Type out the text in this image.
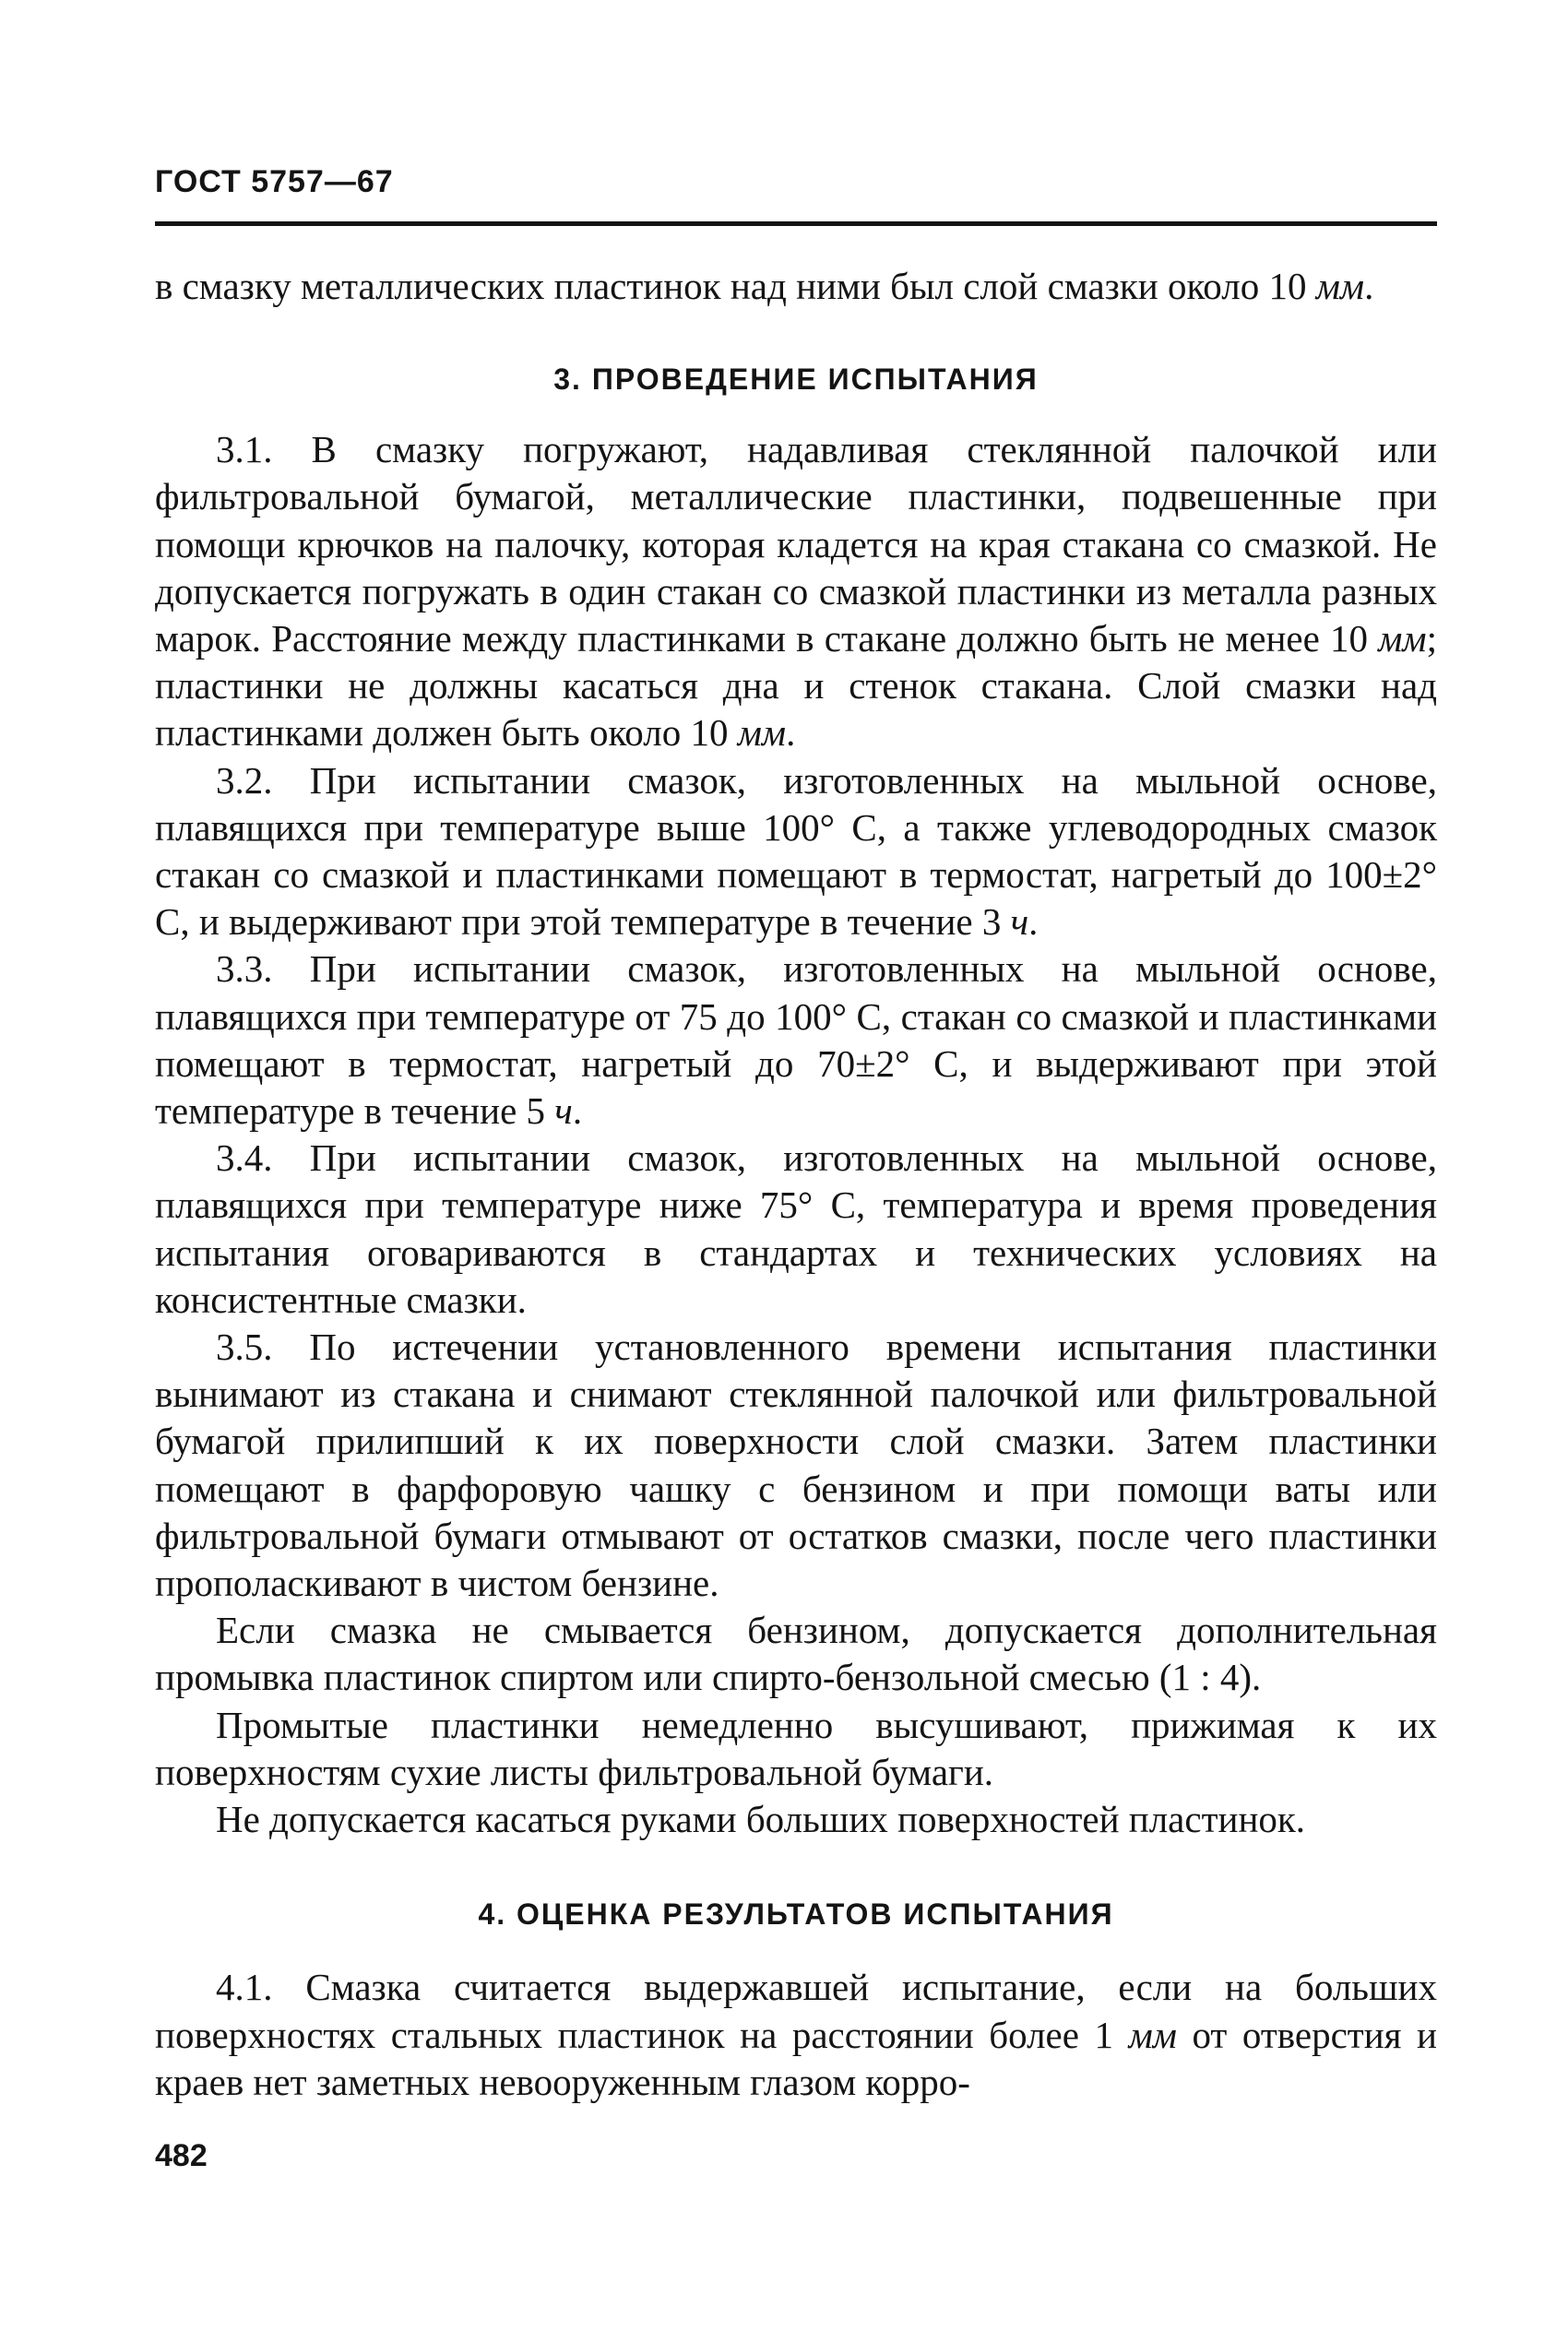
ГОСТ 5757—67

в смазку металлических пластинок над ними был слой смазки около 10 мм.

3. ПРОВЕДЕНИЕ ИСПЫТАНИЯ

3.1. В смазку погружают, надавливая стеклянной палочкой или фильтровальной бумагой, металлические пластинки, подвешенные при помощи крючков на палочку, которая кладется на края стакана со смазкой. Не допускается погружать в один стакан со смазкой пластинки из металла разных марок. Расстояние между пластинками в стакане должно быть не менее 10 мм; пластинки не должны касаться дна и стенок стакана. Слой смазки над пластинками должен быть около 10 мм.

3.2. При испытании смазок, изготовленных на мыльной основе, плавящихся при температуре выше 100° С, а также углеводородных смазок стакан со смазкой и пластинками помещают в термостат, нагретый до 100±2° С, и выдерживают при этой температуре в течение 3 ч.

3.3. При испытании смазок, изготовленных на мыльной основе, плавящихся при температуре от 75 до 100° С, стакан со смазкой и пластинками помещают в термостат, нагретый до 70±2° С, и выдерживают при этой температуре в течение 5 ч.

3.4. При испытании смазок, изготовленных на мыльной основе, плавящихся при температуре ниже 75° С, температура и время проведения испытания оговариваются в стандартах и технических условиях на консистентные смазки.

3.5. По истечении установленного времени испытания пластинки вынимают из стакана и снимают стеклянной палочкой или фильтровальной бумагой прилипший к их поверхности слой смазки. Затем пластинки помещают в фарфоровую чашку с бензином и при помощи ваты или фильтровальной бумаги отмывают от остатков смазки, после чего пластинки прополаскивают в чистом бензине.

Если смазка не смывается бензином, допускается дополнительная промывка пластинок спиртом или спирто-бензольной смесью (1 : 4).

Промытые пластинки немедленно высушивают, прижимая к их поверхностям сухие листы фильтровальной бумаги.

Не допускается касаться руками больших поверхностей пластинок.

4. ОЦЕНКА РЕЗУЛЬТАТОВ ИСПЫТАНИЯ

4.1. Смазка считается выдержавшей испытание, если на больших поверхностях стальных пластинок на расстоянии более 1 мм от отверстия и краев нет заметных невооруженным глазом корро-

482
